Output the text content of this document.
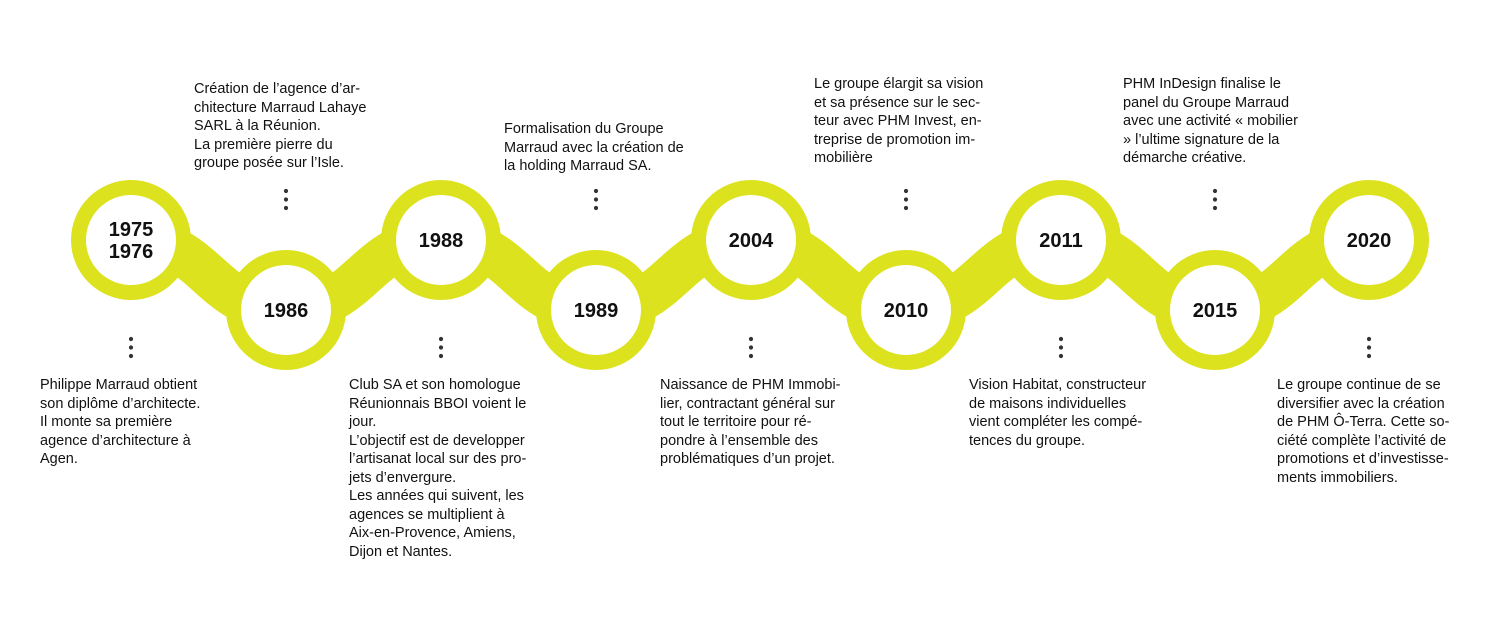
1975
1976
1986
1988
1989
2004
2010
2011
2015
2020
Philippe Marraud obtient
son diplôme d’architecte.
Il monte sa première
agence d’architecture à
Agen.
Création de l’agence d’ar-
chitecture Marraud Lahaye
SARL à la Réunion.
La première pierre du
groupe posée sur l’Isle.
Club SA et son homologue
Réunionnais BBOI voient le
jour.
L’objectif est de developper
l’artisanat local sur des pro-
jets d’envergure.
Les années qui suivent, les
agences se multiplient à
Aix-en-Provence, Amiens,
Dijon et Nantes.
Formalisation du Groupe
Marraud avec la création de
la holding Marraud SA.
Naissance de PHM Immobi-
lier, contractant général sur
tout le territoire pour ré-
pondre à l’ensemble des
problématiques d’un projet.
Le groupe élargit sa vision
et sa présence sur le sec-
teur avec PHM Invest, en-
treprise de promotion im-
mobilière
Vision Habitat, constructeur
de maisons individuelles
vient compléter les compé-
tences du groupe.
PHM InDesign finalise le
panel du Groupe Marraud
avec une activité « mobilier
» l’ultime signature de la
démarche créative.
Le groupe continue de se
diversifier avec la création
de PHM Ô-Terra. Cette so-
ciété complète l’activité de
promotions et d’investisse-
ments immobiliers.
